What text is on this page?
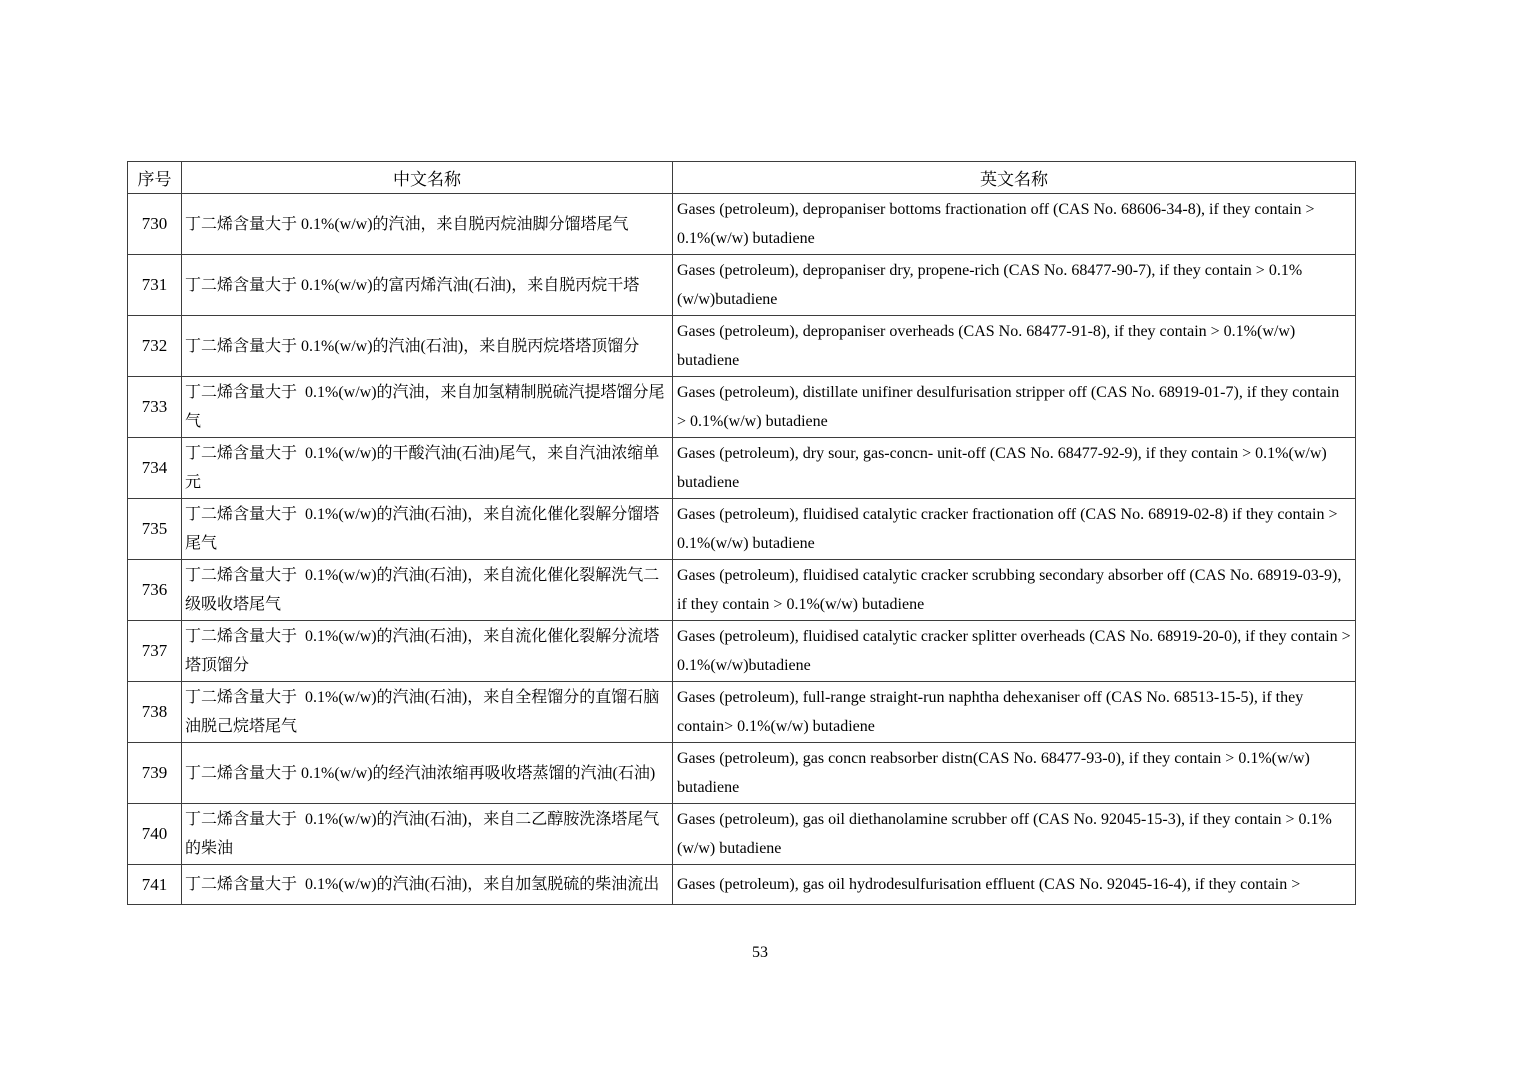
序号	中文名称	英文名称
730	丁二烯含量大于 0.1%(w/w)的汽油，来自脱丙烷油脚分馏塔尾气	Gases (petroleum), depropaniser bottoms fractionation off (CAS No. 68606-34-8), if they contain > 0.1%(w/w) butadiene
731	丁二烯含量大于 0.1%(w/w)的富丙烯汽油(石油)，来自脱丙烷干塔	Gases (petroleum), depropaniser dry, propene-rich (CAS No. 68477-90-7), if they contain > 0.1%(w/w)butadiene
732	丁二烯含量大于 0.1%(w/w)的汽油(石油)，来自脱丙烷塔塔顶馏分	Gases (petroleum), depropaniser overheads (CAS No. 68477-91-8), if they contain > 0.1%(w/w) butadiene
733	丁二烯含量大于  0.1%(w/w)的汽油，来自加氢精制脱硫汽提塔馏分尾气	Gases (petroleum), distillate unifiner desulfurisation stripper off (CAS No. 68919-01-7), if they contain > 0.1%(w/w) butadiene
734	丁二烯含量大于  0.1%(w/w)的干酸汽油(石油)尾气，来自汽油浓缩单元	Gases (petroleum), dry sour, gas-concn- unit-off (CAS No. 68477-92-9), if they contain > 0.1%(w/w) butadiene
735	丁二烯含量大于  0.1%(w/w)的汽油(石油)，来自流化催化裂解分馏塔尾气	Gases (petroleum), fluidised catalytic cracker fractionation off (CAS No. 68919-02-8) if they contain > 0.1%(w/w) butadiene
736	丁二烯含量大于  0.1%(w/w)的汽油(石油)，来自流化催化裂解洗气二级吸收塔尾气	Gases (petroleum), fluidised catalytic cracker scrubbing secondary absorber off (CAS No. 68919-03-9), if they contain > 0.1%(w/w) butadiene
737	丁二烯含量大于  0.1%(w/w)的汽油(石油)，来自流化催化裂解分流塔塔顶馏分	Gases (petroleum), fluidised catalytic cracker splitter overheads (CAS No. 68919-20-0), if they contain > 0.1%(w/w)butadiene
738	丁二烯含量大于  0.1%(w/w)的汽油(石油)，来自全程馏分的直馏石脑油脱己烷塔尾气	Gases (petroleum), full-range straight-run naphtha dehexaniser off (CAS No. 68513-15-5), if they contain> 0.1%(w/w) butadiene
739	丁二烯含量大于 0.1%(w/w)的经汽油浓缩再吸收塔蒸馏的汽油(石油)	Gases (petroleum), gas concn reabsorber distn(CAS No. 68477-93-0), if they contain > 0.1%(w/w) butadiene
740	丁二烯含量大于  0.1%(w/w)的汽油(石油)，来自二乙醇胺洗涤塔尾气的柴油	Gases (petroleum), gas oil diethanolamine scrubber off (CAS No. 92045-15-3), if they contain > 0.1%(w/w) butadiene
741	丁二烯含量大于  0.1%(w/w)的汽油(石油)，来自加氢脱硫的柴油流出	Gases (petroleum), gas oil hydrodesulfurisation effluent (CAS No. 92045-16-4), if they contain >
53
